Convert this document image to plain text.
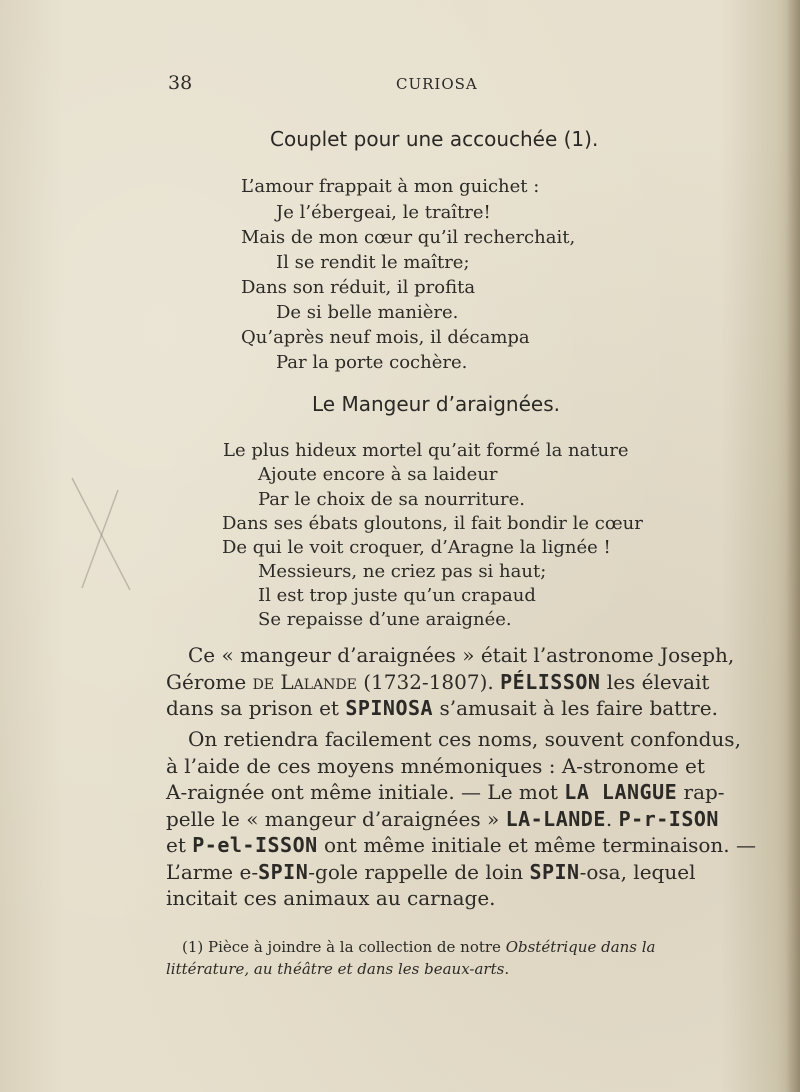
38	CURIOSA
Couplet pour une accouchée (1).
L’amour frappait à mon guichet :
Je l’ébergeai, le traître!
Mais de mon cœur qu’il recherchait,
Il se rendit le maître;
Dans son réduit, il profita
De si belle manière.
Qu’après neuf mois, il décampa
Par la porte cochère.
Le Mangeur d’araignées.
Le plus hideux mortel qu’ait formé la nature
Ajoute encore à sa laideur
Par le choix de sa nourriture.
Dans ses ébats gloutons, il fait bondir le cœur
De qui le voit croquer, d’Aragne la lignée !
Messieurs, ne criez pas si haut;
Il est trop juste qu’un crapaud
Se repaisse d’une araignée.
Ce « mangeur d’araignées » était l’astronome Joseph,
Gérome de Lalande (1732-1807). PÉLISSON les élevait
dans sa prison et SPINOSA s’amusait à les faire battre.
On retiendra facilement ces noms, souvent confondus,
à l’aide de ces moyens mnémoniques : A-stronome et
A-raignée ont même initiale. — Le mot LA LANGUE rap-
pelle le « mangeur d’araignées » LA-LANDE. P-r-ISON
et P-el-ISSON ont même initiale et même terminaison. —
L’arme e-SPIN-gole rappelle de loin SPIN-osa, lequel
incitait ces animaux au carnage.
(1) Pièce à joindre à la collection de notre Obstétrique dans la
littérature, au théâtre et dans les beaux-arts.
